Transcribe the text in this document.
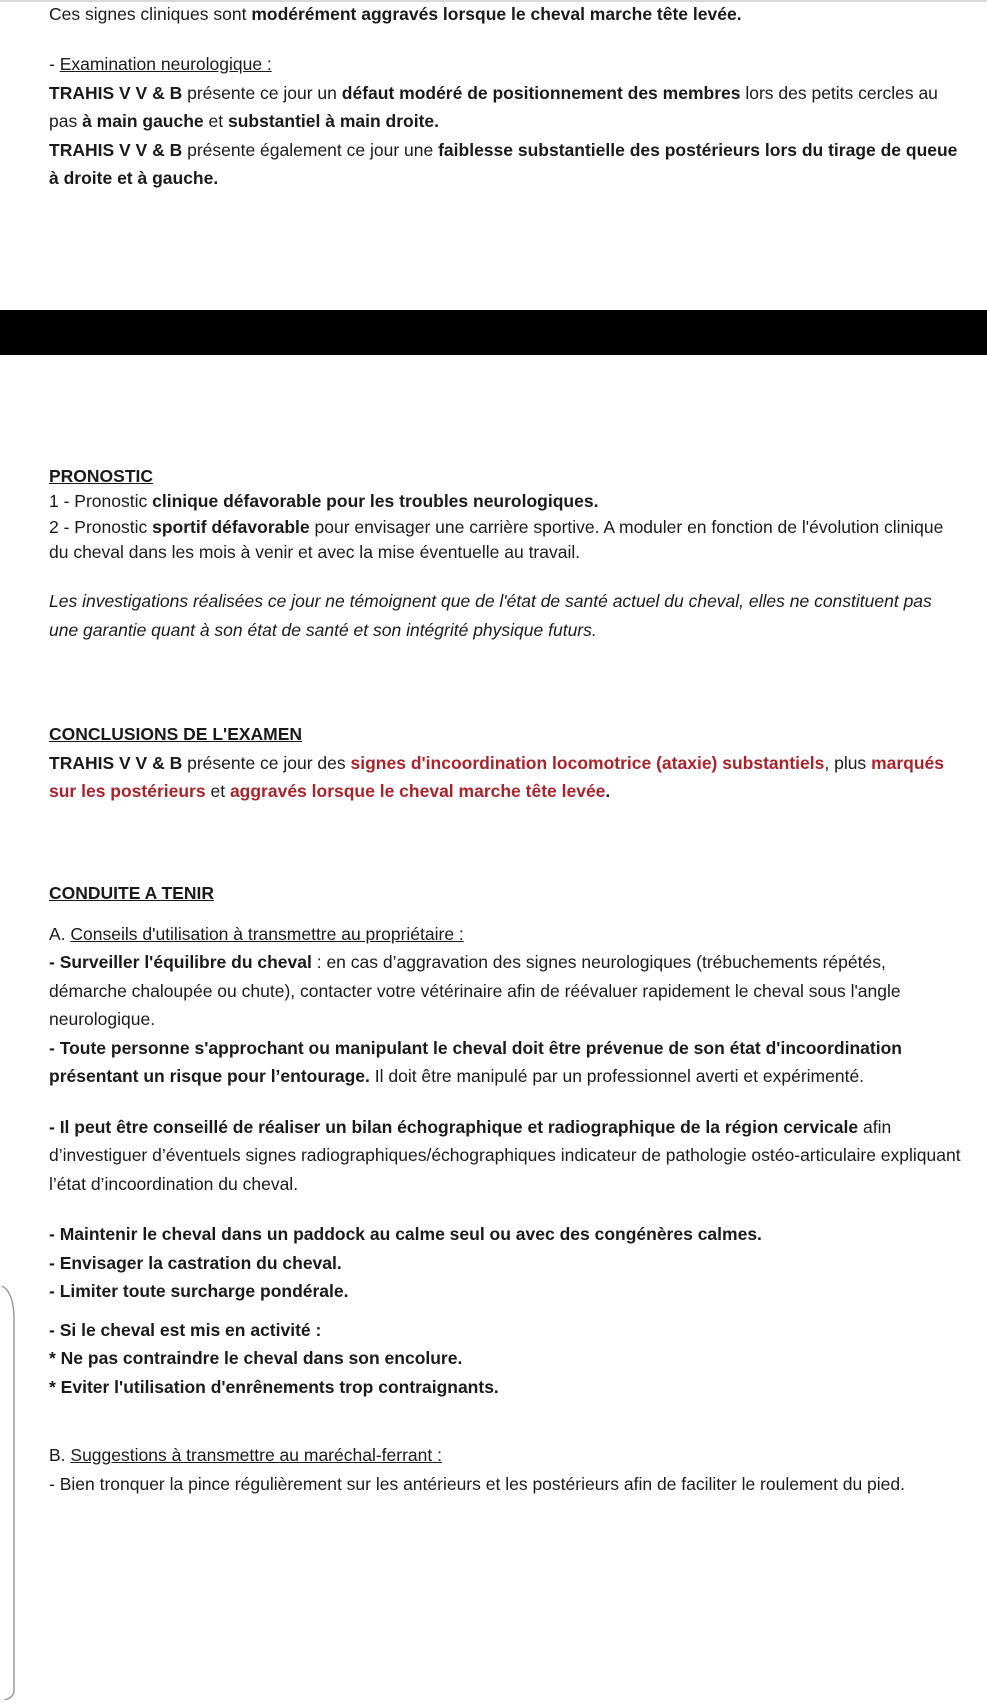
Ces signes cliniques sont modérément aggravés lorsque le cheval marche tête levée.

- Examination neurologique :

TRAHIS V V & B présente ce jour un défaut modéré de positionnement des membres lors des petits cercles au pas à main gauche et substantiel à main droite.

TRAHIS V V & B présente également ce jour une faiblesse substantielle des postérieurs lors du tirage de queue à droite et à gauche.

PRONOSTIC

1 - Pronostic clinique défavorable pour les troubles neurologiques.

2 - Pronostic sportif défavorable pour envisager une carrière sportive. A moduler en fonction de l'évolution clinique du cheval dans les mois à venir et avec la mise éventuelle au travail.

Les investigations réalisées ce jour ne témoignent que de l'état de santé actuel du cheval, elles ne constituent pas une garantie quant à son état de santé et son intégrité physique futurs.

CONCLUSIONS DE L'EXAMEN

TRAHIS V V & B présente ce jour des signes d'incoordination locomotrice (ataxie) substantiels, plus marqués sur les postérieurs et aggravés lorsque le cheval marche tête levée.

CONDUITE A TENIR

A. Conseils d'utilisation à transmettre au propriétaire :

- Surveiller l'équilibre du cheval : en cas d’aggravation des signes neurologiques (trébuchements répétés, démarche chaloupée ou chute), contacter votre vétérinaire afin de réévaluer rapidement le cheval sous l'angle neurologique.

- Toute personne s'approchant ou manipulant le cheval doit être prévenue de son état d'incoordination présentant un risque pour l’entourage. Il doit être manipulé par un professionnel averti et expérimenté.

- Il peut être conseillé de réaliser un bilan échographique et radiographique de la région cervicale afin d’investiguer d’éventuels signes radiographiques/échographiques indicateur de pathologie ostéo-articulaire expliquant l’état d’incoordination du cheval.

- Maintenir le cheval dans un paddock au calme seul ou avec des congénères calmes.

- Envisager la castration du cheval.

- Limiter toute surcharge pondérale.

- Si le cheval est mis en activité :

* Ne pas contraindre le cheval dans son encolure.

* Eviter l'utilisation d'enrênements trop contraignants.

B. Suggestions à transmettre au maréchal-ferrant :

- Bien tronquer la pince régulièrement sur les antérieurs et les postérieurs afin de faciliter le roulement du pied.
